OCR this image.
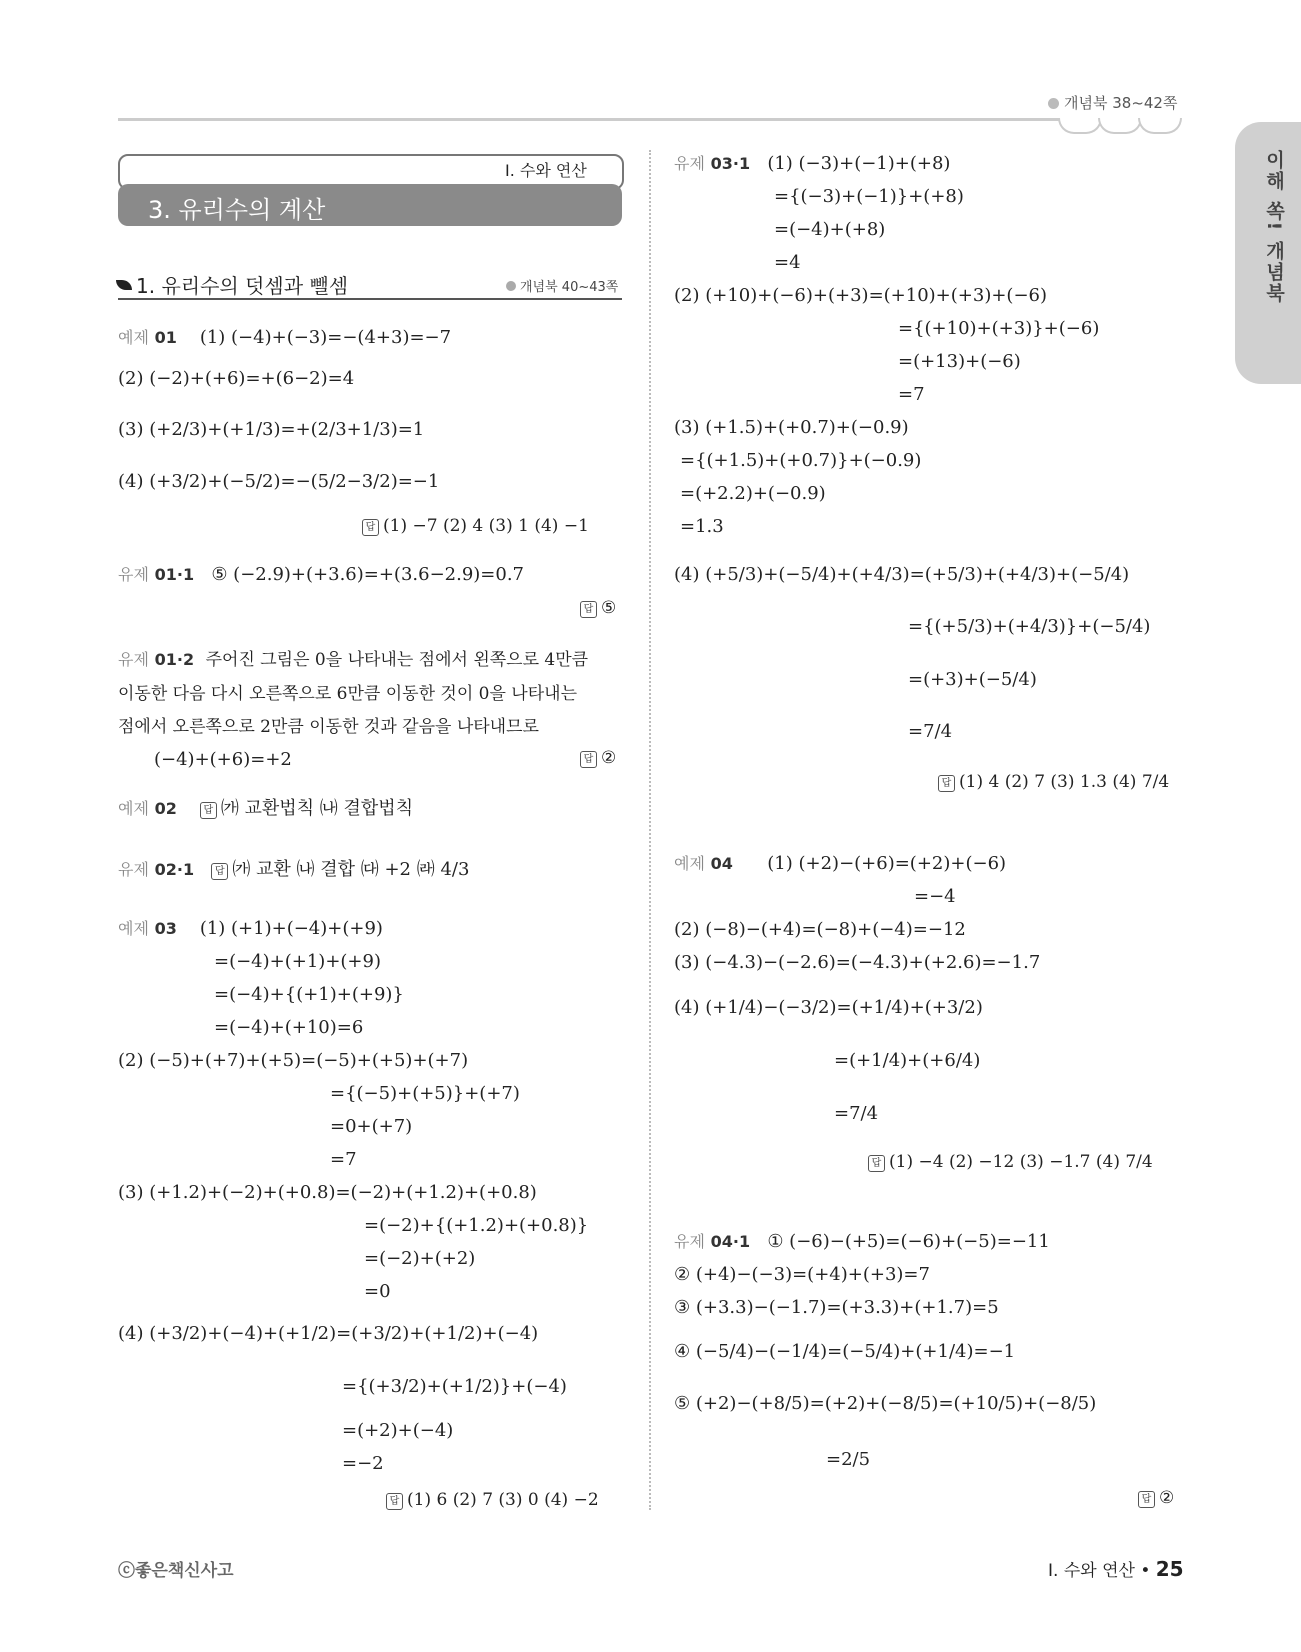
개념북 38~42쪽
이해 쏙! 개념북
I. 수와 연산
3. 유리수의 계산
1. 유리수의 덧셈과 뺄셈	개념북 40~43쪽
예제 01 (1) (−4)+(−3)=−(4+3)=−7
(2) (−2)+(+6)=+(6−2)=4
(3) (+2/3)+(+1/3)=+(2/3+1/3)=1
(4) (+3/2)+(−5/2)=−(5/2−3/2)=−1
답 (1) −7 (2) 4 (3) 1 (4) −1
유제 01·1 ⑤ (−2.9)+(+3.6)=+(3.6−2.9)=0.7
답 ⑤
유제 01·2 주어진 그림은 0을 나타내는 점에서 왼쪽으로 4만큼
이동한 다음 다시 오른쪽으로 6만큼 이동한 것이 0을 나타내는
점에서 오른쪽으로 2만큼 이동한 것과 같음을 나타내므로
(−4)+(+6)=+2	답 ②
예제 02	답 ㈎ 교환법칙 ㈏ 결합법칙
유제 02·1 답 ㈎ 교환 ㈏ 결합 ㈐ +2 ㈑ 4/3
예제 03 (1) (+1)+(−4)+(+9)
=(−4)+(+1)+(+9)
=(−4)+{(+1)+(+9)}
=(−4)+(+10)=6
(2) (−5)+(+7)+(+5)=(−5)+(+5)+(+7)
={(−5)+(+5)}+(+7)
=0+(+7)
=7
(3) (+1.2)+(−2)+(+0.8)=(−2)+(+1.2)+(+0.8)
=(−2)+{(+1.2)+(+0.8)}
=(−2)+(+2)
=0
(4) (+3/2)+(−4)+(+1/2)=(+3/2)+(+1/2)+(−4)
={(+3/2)+(+1/2)}+(−4)
=(+2)+(−4)
=−2
답 (1) 6 (2) 7 (3) 0 (4) −2
유제 03·1 (1) (−3)+(−1)+(+8)
={(−3)+(−1)}+(+8)
=(−4)+(+8)
=4
(2) (+10)+(−6)+(+3)=(+10)+(+3)+(−6)
={(+10)+(+3)}+(−6)
=(+13)+(−6)
=7
(3) (+1.5)+(+0.7)+(−0.9)
={(+1.5)+(+0.7)}+(−0.9)
=(+2.2)+(−0.9)
=1.3
(4) (+5/3)+(−5/4)+(+4/3)=(+5/3)+(+4/3)+(−5/4)
={(+5/3)+(+4/3)}+(−5/4)
=(+3)+(−5/4)
=7/4
답 (1) 4 (2) 7 (3) 1.3 (4) 7/4
예제 04 (1) (+2)−(+6)=(+2)+(−6)
=−4
(2) (−8)−(+4)=(−8)+(−4)=−12
(3) (−4.3)−(−2.6)=(−4.3)+(+2.6)=−1.7
(4) (+1/4)−(−3/2)=(+1/4)+(+3/2)
=(+1/4)+(+6/4)
=7/4
답 (1) −4 (2) −12 (3) −1.7 (4) 7/4
유제 04·1 ① (−6)−(+5)=(−6)+(−5)=−11
② (+4)−(−3)=(+4)+(+3)=7
③ (+3.3)−(−1.7)=(+3.3)+(+1.7)=5
④ (−5/4)−(−1/4)=(−5/4)+(+1/4)=−1
⑤ (+2)−(+8/5)=(+2)+(−8/5)=(+10/5)+(−8/5)
=2/5
답 ②
ⓒ좋은책신사고	I. 수와 연산 • 25
